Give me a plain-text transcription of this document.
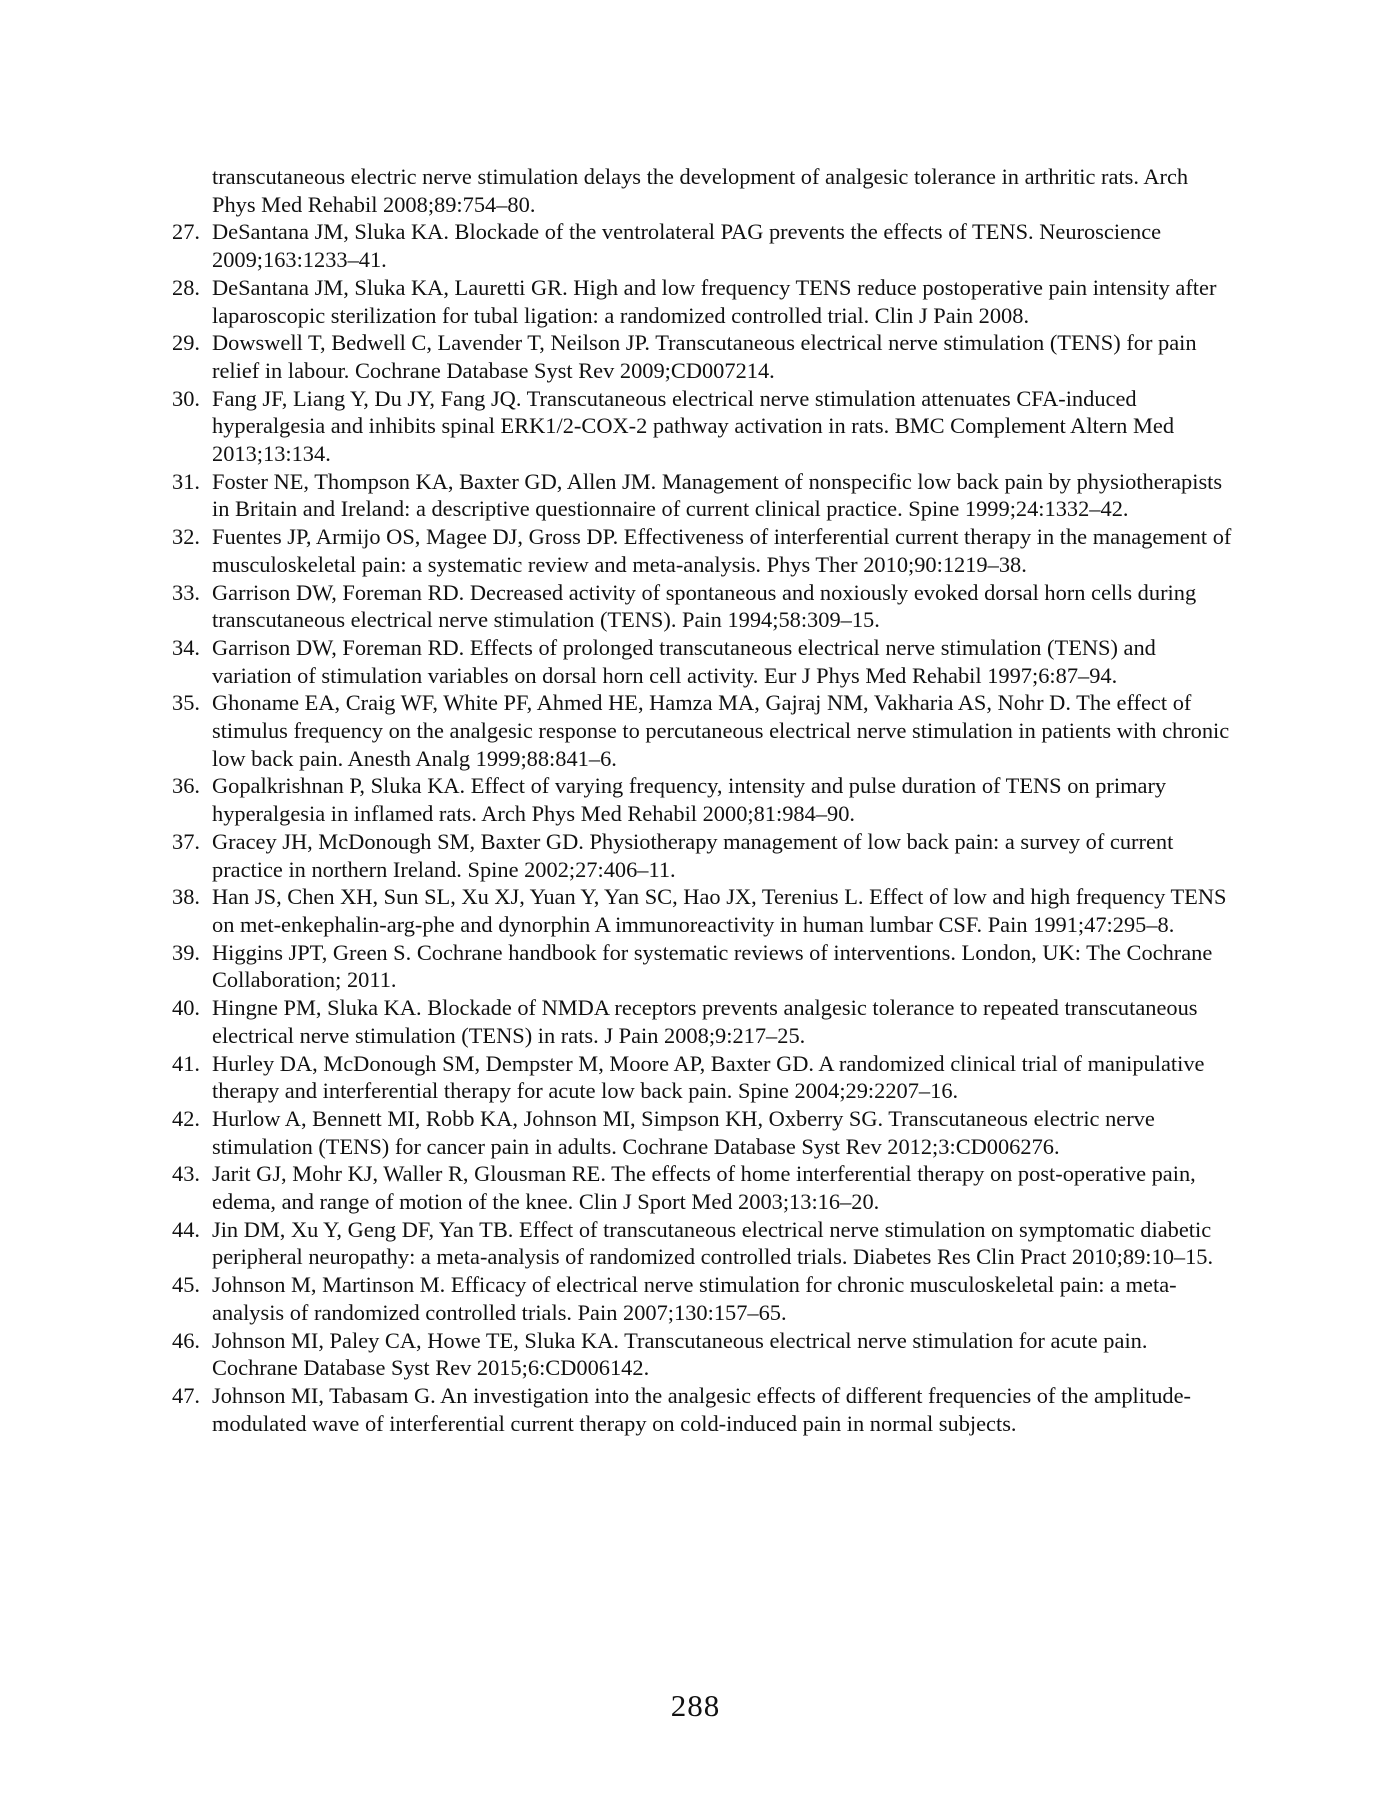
transcutaneous electric nerve stimulation delays the development of analgesic tolerance in arthritic rats. Arch Phys Med Rehabil 2008;89:754–80.
27. DeSantana JM, Sluka KA. Blockade of the ventrolateral PAG prevents the effects of TENS. Neuroscience 2009;163:1233–41.
28. DeSantana JM, Sluka KA, Lauretti GR. High and low frequency TENS reduce postoperative pain intensity after laparoscopic sterilization for tubal ligation: a randomized controlled trial. Clin J Pain 2008.
29. Dowswell T, Bedwell C, Lavender T, Neilson JP. Transcutaneous electrical nerve stimulation (TENS) for pain relief in labour. Cochrane Database Syst Rev 2009;CD007214.
30. Fang JF, Liang Y, Du JY, Fang JQ. Transcutaneous electrical nerve stimulation attenuates CFA-induced hyperalgesia and inhibits spinal ERK1/2-COX-2 pathway activation in rats. BMC Complement Altern Med 2013;13:134.
31. Foster NE, Thompson KA, Baxter GD, Allen JM. Management of nonspecific low back pain by physiotherapists in Britain and Ireland: a descriptive questionnaire of current clinical practice. Spine 1999;24:1332–42.
32. Fuentes JP, Armijo OS, Magee DJ, Gross DP. Effectiveness of interferential current therapy in the management of musculoskeletal pain: a systematic review and meta-analysis. Phys Ther 2010;90:1219–38.
33. Garrison DW, Foreman RD. Decreased activity of spontaneous and noxiously evoked dorsal horn cells during transcutaneous electrical nerve stimulation (TENS). Pain 1994;58:309–15.
34. Garrison DW, Foreman RD. Effects of prolonged transcutaneous electrical nerve stimulation (TENS) and variation of stimulation variables on dorsal horn cell activity. Eur J Phys Med Rehabil 1997;6:87–94.
35. Ghoname EA, Craig WF, White PF, Ahmed HE, Hamza MA, Gajraj NM, Vakharia AS, Nohr D. The effect of stimulus frequency on the analgesic response to percutaneous electrical nerve stimulation in patients with chronic low back pain. Anesth Analg 1999;88:841–6.
36. Gopalkrishnan P, Sluka KA. Effect of varying frequency, intensity and pulse duration of TENS on primary hyperalgesia in inflamed rats. Arch Phys Med Rehabil 2000;81:984–90.
37. Gracey JH, McDonough SM, Baxter GD. Physiotherapy management of low back pain: a survey of current practice in northern Ireland. Spine 2002;27:406–11.
38. Han JS, Chen XH, Sun SL, Xu XJ, Yuan Y, Yan SC, Hao JX, Terenius L. Effect of low and high frequency TENS on met-enkephalin-arg-phe and dynorphin A immunoreactivity in human lumbar CSF. Pain 1991;47:295–8.
39. Higgins JPT, Green S. Cochrane handbook for systematic reviews of interventions. London, UK: The Cochrane Collaboration; 2011.
40. Hingne PM, Sluka KA. Blockade of NMDA receptors prevents analgesic tolerance to repeated transcutaneous electrical nerve stimulation (TENS) in rats. J Pain 2008;9:217–25.
41. Hurley DA, McDonough SM, Dempster M, Moore AP, Baxter GD. A randomized clinical trial of manipulative therapy and interferential therapy for acute low back pain. Spine 2004;29:2207–16.
42. Hurlow A, Bennett MI, Robb KA, Johnson MI, Simpson KH, Oxberry SG. Transcutaneous electric nerve stimulation (TENS) for cancer pain in adults. Cochrane Database Syst Rev 2012;3:CD006276.
43. Jarit GJ, Mohr KJ, Waller R, Glousman RE. The effects of home interferential therapy on post-operative pain, edema, and range of motion of the knee. Clin J Sport Med 2003;13:16–20.
44. Jin DM, Xu Y, Geng DF, Yan TB. Effect of transcutaneous electrical nerve stimulation on symptomatic diabetic peripheral neuropathy: a meta-analysis of randomized controlled trials. Diabetes Res Clin Pract 2010;89:10–15.
45. Johnson M, Martinson M. Efficacy of electrical nerve stimulation for chronic musculoskeletal pain: a meta-analysis of randomized controlled trials. Pain 2007;130:157–65.
46. Johnson MI, Paley CA, Howe TE, Sluka KA. Transcutaneous electrical nerve stimulation for acute pain. Cochrane Database Syst Rev 2015;6:CD006142.
47. Johnson MI, Tabasam G. An investigation into the analgesic effects of different frequencies of the amplitude-modulated wave of interferential current therapy on cold-induced pain in normal subjects.
288
